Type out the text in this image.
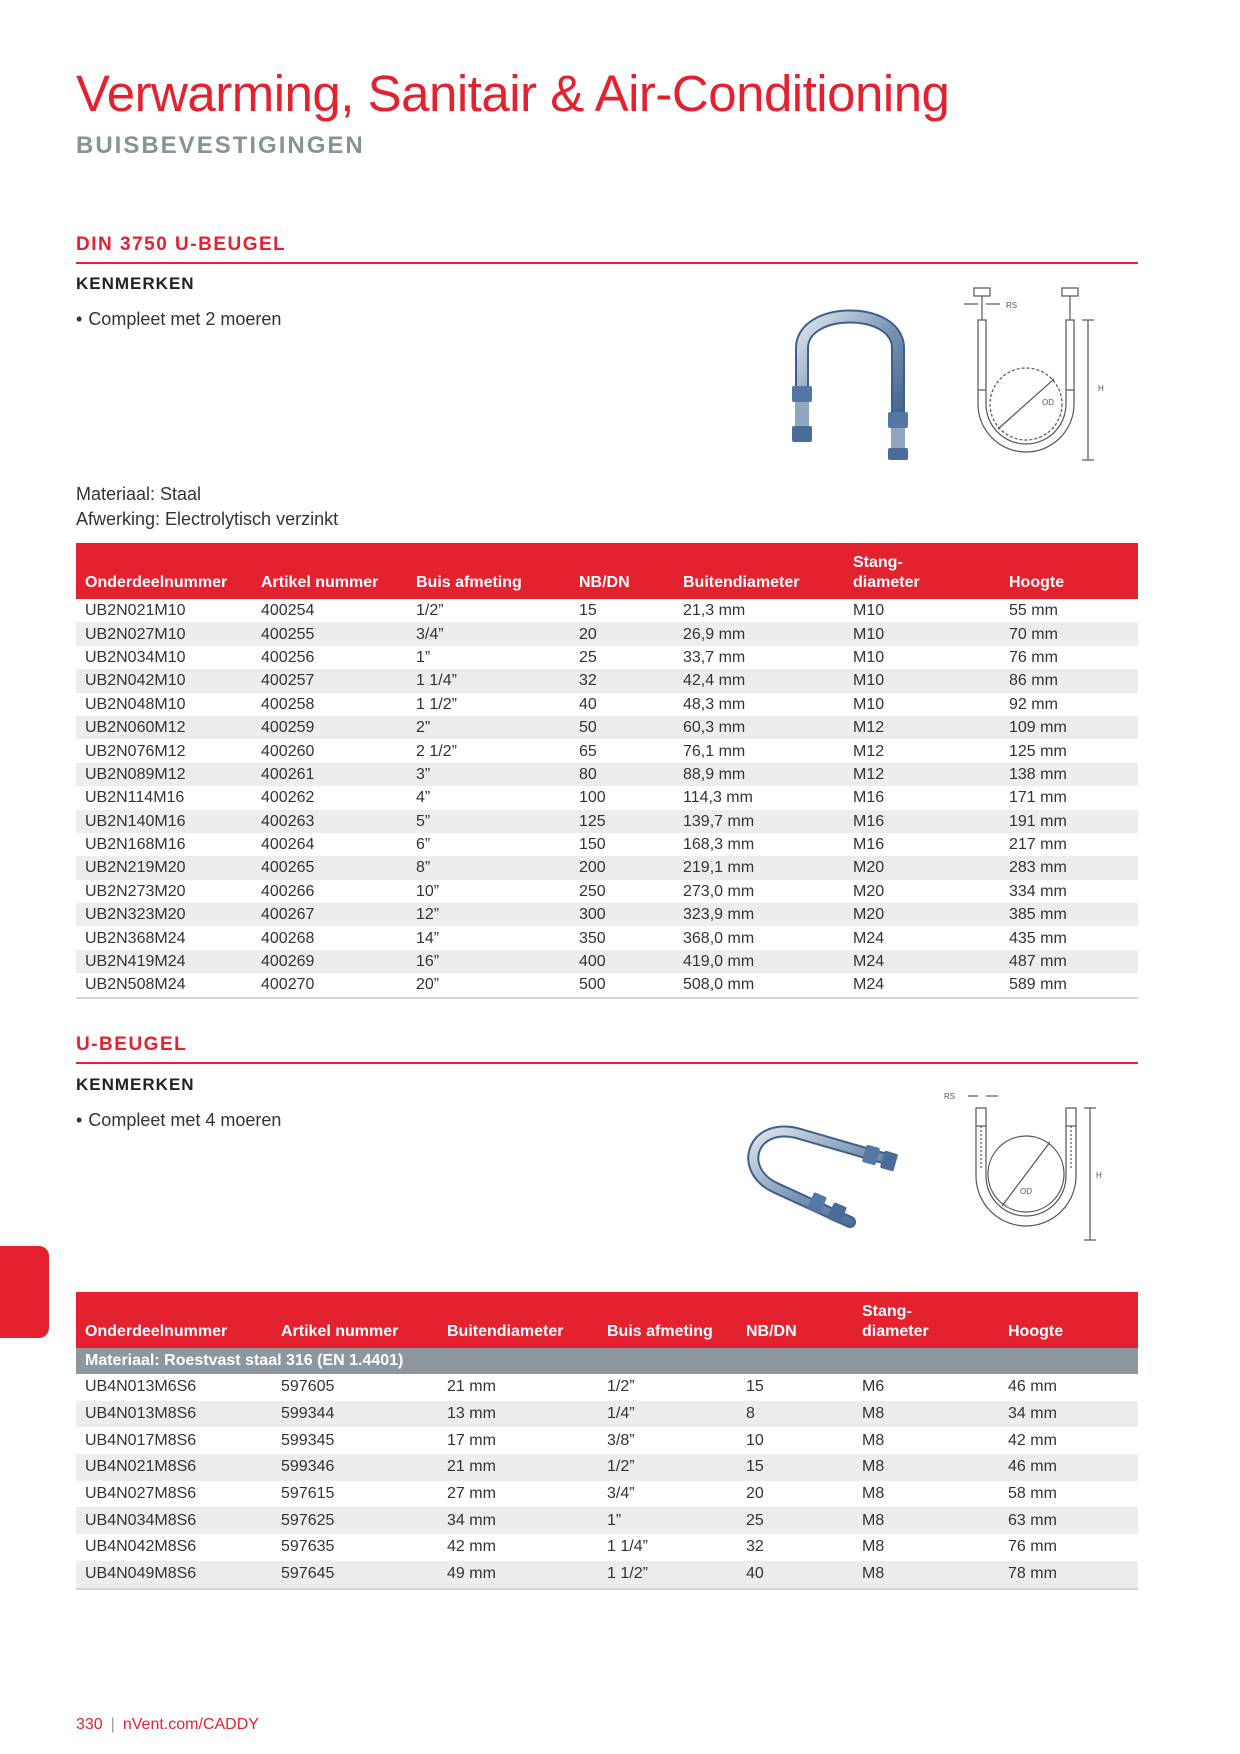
Verwarming, Sanitair & Air-Conditioning
BUISBEVESTIGINGEN
DIN 3750 U-BEUGEL
KENMERKEN
• Compleet met 2 moeren
RS
OD
H
Materiaal: Staal
Afwerking: Electrolytisch verzinkt
Onderdeelnummer	Artikel nummer	Buis afmeting	NB/DN	Buitendiameter	Stang-
diameter	Hoogte
UB2N021M10	400254	1/2”	15	21,3 mm	M10	55 mm
UB2N027M10	400255	3/4”	20	26,9 mm	M10	70 mm
UB2N034M10	400256	1”	25	33,7 mm	M10	76 mm
UB2N042M10	400257	1 1/4”	32	42,4 mm	M10	86 mm
UB2N048M10	400258	1 1/2”	40	48,3 mm	M10	92 mm
UB2N060M12	400259	2”	50	60,3 mm	M12	109 mm
UB2N076M12	400260	2 1/2”	65	76,1 mm	M12	125 mm
UB2N089M12	400261	3”	80	88,9 mm	M12	138 mm
UB2N114M16	400262	4”	100	114,3 mm	M16	171 mm
UB2N140M16	400263	5”	125	139,7 mm	M16	191 mm
UB2N168M16	400264	6”	150	168,3 mm	M16	217 mm
UB2N219M20	400265	8”	200	219,1 mm	M20	283 mm
UB2N273M20	400266	10”	250	273,0 mm	M20	334 mm
UB2N323M20	400267	12”	300	323,9 mm	M20	385 mm
UB2N368M24	400268	14”	350	368,0 mm	M24	435 mm
UB2N419M24	400269	16”	400	419,0 mm	M24	487 mm
UB2N508M24	400270	20”	500	508,0 mm	M24	589 mm
U-BEUGEL
KENMERKEN
• Compleet met 4 moeren
RS
OD
H
Onderdeelnummer	Artikel nummer	Buitendiameter	Buis afmeting	NB/DN	Stang-
diameter	Hoogte
Materiaal: Roestvast staal 316 (EN 1.4401)						
UB4N013M6S6	597605	21 mm	1/2”	15	M6	46 mm
UB4N013M8S6	599344	13 mm	1/4”	8	M8	34 mm
UB4N017M8S6	599345	17 mm	3/8”	10	M8	42 mm
UB4N021M8S6	599346	21 mm	1/2”	15	M8	46 mm
UB4N027M8S6	597615	27 mm	3/4”	20	M8	58 mm
UB4N034M8S6	597625	34 mm	1”	25	M8	63 mm
UB4N042M8S6	597635	42 mm	1 1/4”	32	M8	76 mm
UB4N049M8S6	597645	49 mm	1 1/2”	40	M8	78 mm
330 | nVent.com/CADDY
